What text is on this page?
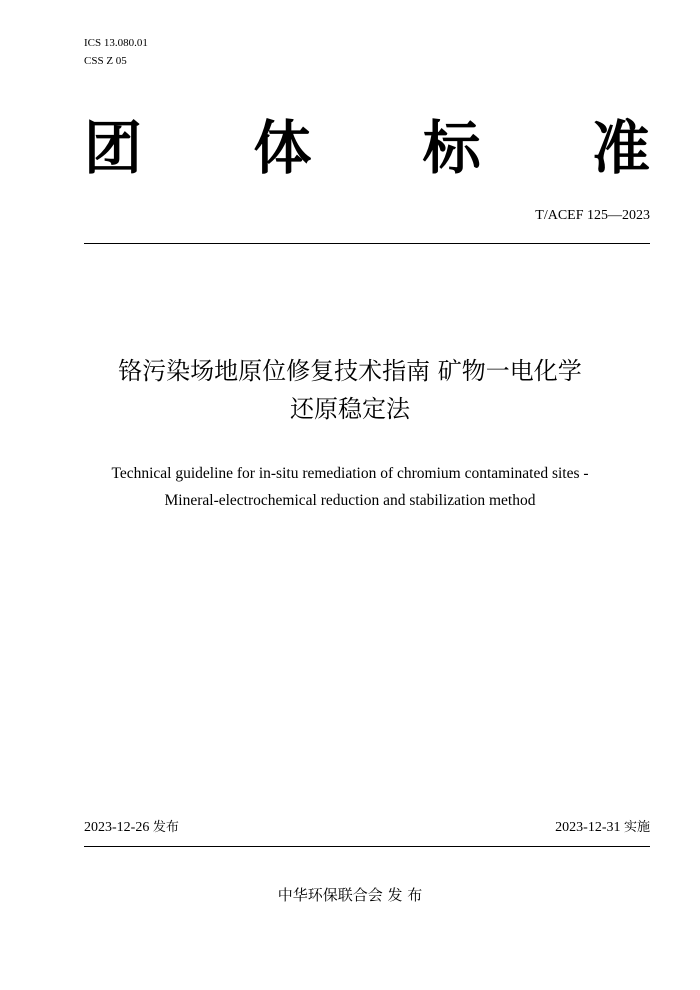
ICS 13.080.01
CSS Z 05
团 体 标 准
T/ACEF 125—2023
铬污染场地原位修复技术指南 矿物一电化学
还原稳定法
Technical guideline for in-situ remediation of chromium contaminated sites -
Mineral-electrochemical reduction and stabilization method
2023-12-26 发布	2023-12-31 实施
中华环保联合会 发 布
